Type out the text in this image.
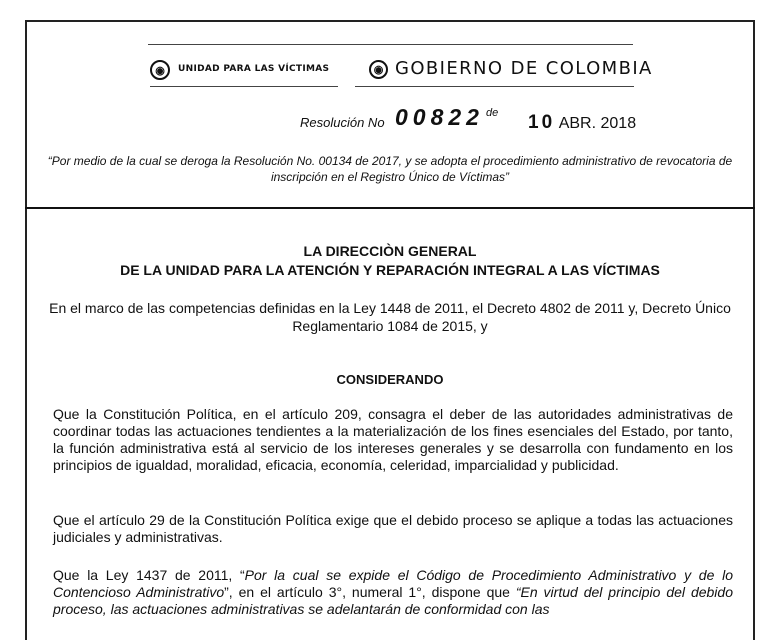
◉	UNIDAD PARA LAS VÍCTIMAS	◉ GOBIERNO DE COLOMBIA
Resolución No 00822 de 10 ABR. 2018
“Por medio de la cual se deroga la Resolución No. 00134 de 2017, y se adopta el procedimiento administrativo de revocatoria de inscripción en el Registro Único de Víctimas”
LA DIRECCIÒN GENERAL
DE LA UNIDAD PARA LA ATENCIÓN Y REPARACIÓN INTEGRAL A LAS VÍCTIMAS
En el marco de las competencias definidas en la Ley 1448 de 2011, el Decreto 4802 de 2011 y, Decreto Único Reglamentario 1084 de 2015, y
CONSIDERANDO
Que la Constitución Política, en el artículo 209, consagra el deber de las autoridades administrativas de coordinar todas las actuaciones tendientes a la materialización de los fines esenciales del Estado, por tanto, la función administrativa está al servicio de los intereses generales y se desarrolla con fundamento en los principios de igualdad, moralidad, eficacia, economía, celeridad, imparcialidad y publicidad.
Que el artículo 29 de la Constitución Política exige que el debido proceso se aplique a todas las actuaciones judiciales y administrativas.
Que la Ley 1437 de 2011, “Por la cual se expide el Código de Procedimiento Administrativo y de lo Contencioso Administrativo”, en el artículo 3°, numeral 1°, dispone que “En virtud del principio del debido proceso, las actuaciones administrativas se adelantarán de conformidad con las
